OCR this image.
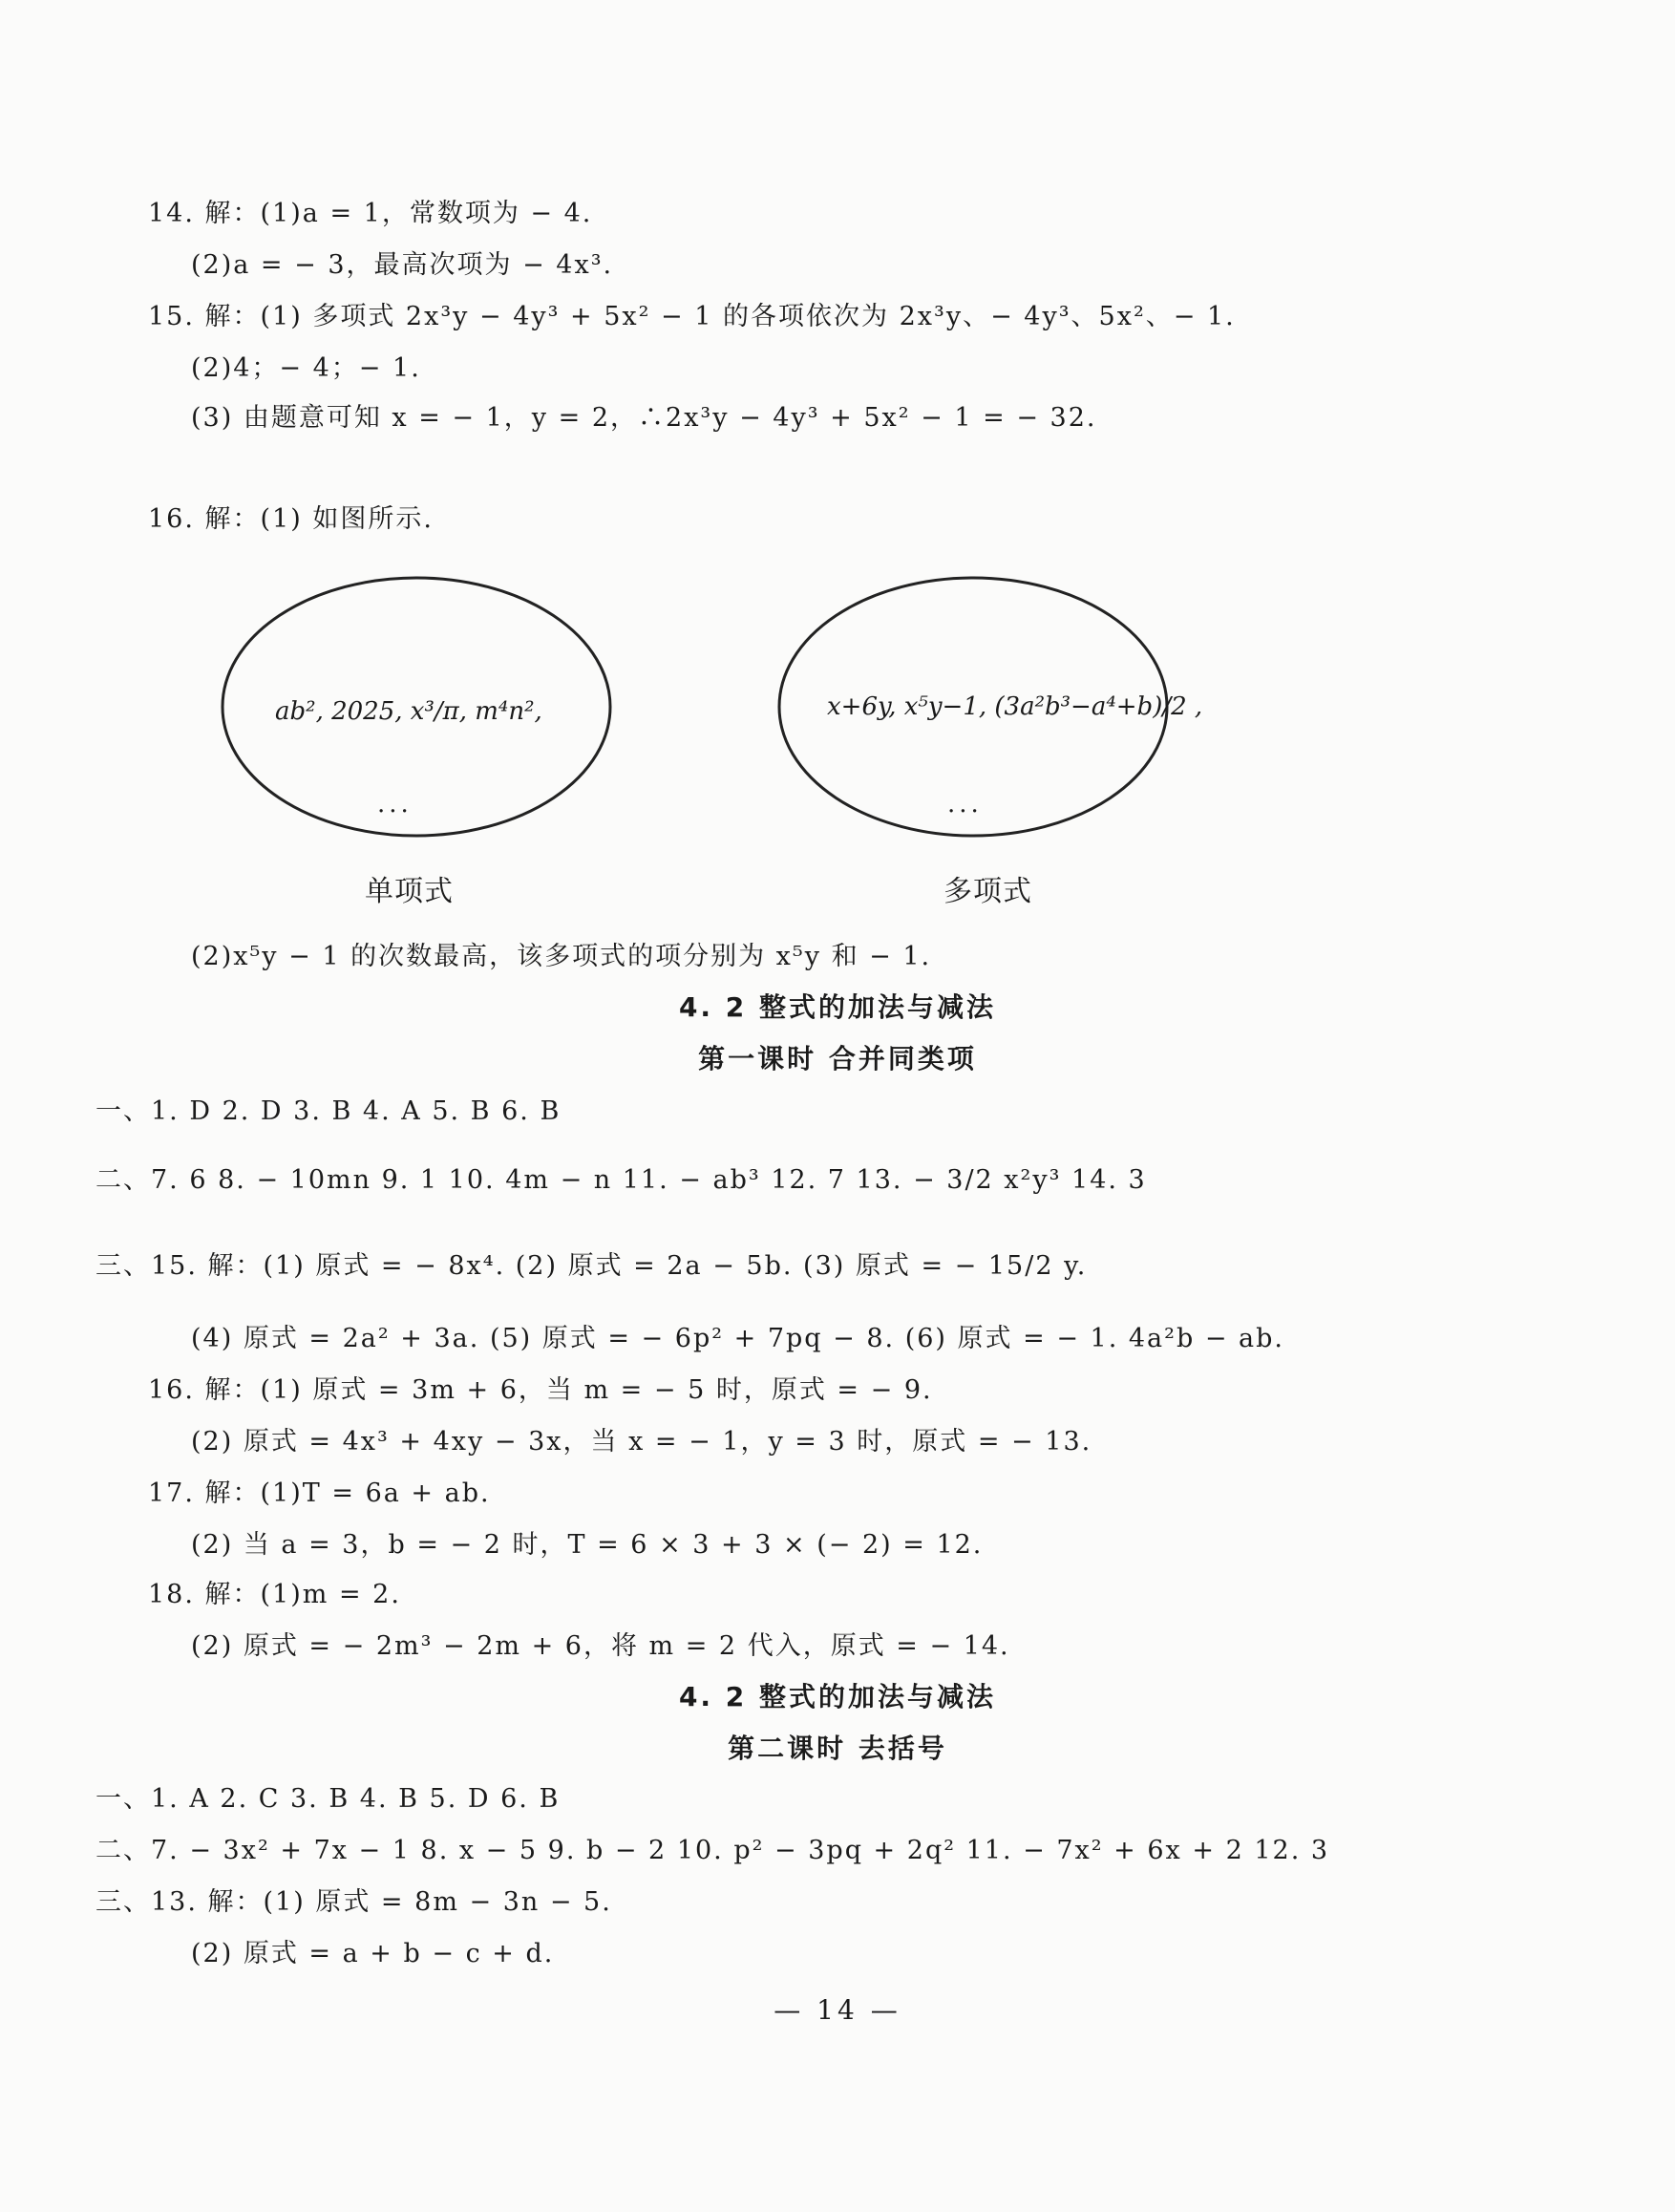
14. 解：(1)a = 1，常数项为 − 4.
(2)a = − 3，最高次项为 − 4x³.
15. 解：(1) 多项式 2x³y − 4y³ + 5x² − 1 的各项依次为 2x³y、− 4y³、5x²、− 1.
(2)4；− 4；− 1.
(3) 由题意可知 x = − 1，y = 2，∴2x³y − 4y³ + 5x² − 1 = − 32.
16. 解：(1) 如图所示.
ab², 2025, x³/π, m⁴n²,
...
单项式
x+6y, x⁵y−1, (3a²b³−a⁴+b)/2 ,
...
多项式
(2)x⁵y − 1 的次数最高，该多项式的项分别为 x⁵y 和 − 1.
4. 2 整式的加法与减法
第一课时 合并同类项
一、1. D 2. D 3. B 4. A 5. B 6. B
二、7. 6 8. − 10mn 9. 1 10. 4m − n 11. − ab³ 12. 7 13. − 3/2 x²y³ 14. 3
三、15. 解：(1) 原式 = − 8x⁴. (2) 原式 = 2a − 5b. (3) 原式 = − 15/2 y.
(4) 原式 = 2a² + 3a. (5) 原式 = − 6p² + 7pq − 8. (6) 原式 = − 1. 4a²b − ab.
16. 解：(1) 原式 = 3m + 6，当 m = − 5 时，原式 = − 9.
(2) 原式 = 4x³ + 4xy − 3x，当 x = − 1，y = 3 时，原式 = − 13.
17. 解：(1)T = 6a + ab.
(2) 当 a = 3，b = − 2 时，T = 6 × 3 + 3 × (− 2) = 12.
18. 解：(1)m = 2.
(2) 原式 = − 2m³ − 2m + 6，将 m = 2 代入，原式 = − 14.
4. 2 整式的加法与减法
第二课时 去括号
一、1. A 2. C 3. B 4. B 5. D 6. B
二、7. − 3x² + 7x − 1 8. x − 5 9. b − 2 10. p² − 3pq + 2q² 11. − 7x² + 6x + 2 12. 3
三、13. 解：(1) 原式 = 8m − 3n − 5.
(2) 原式 = a + b − c + d.
— 14 —
